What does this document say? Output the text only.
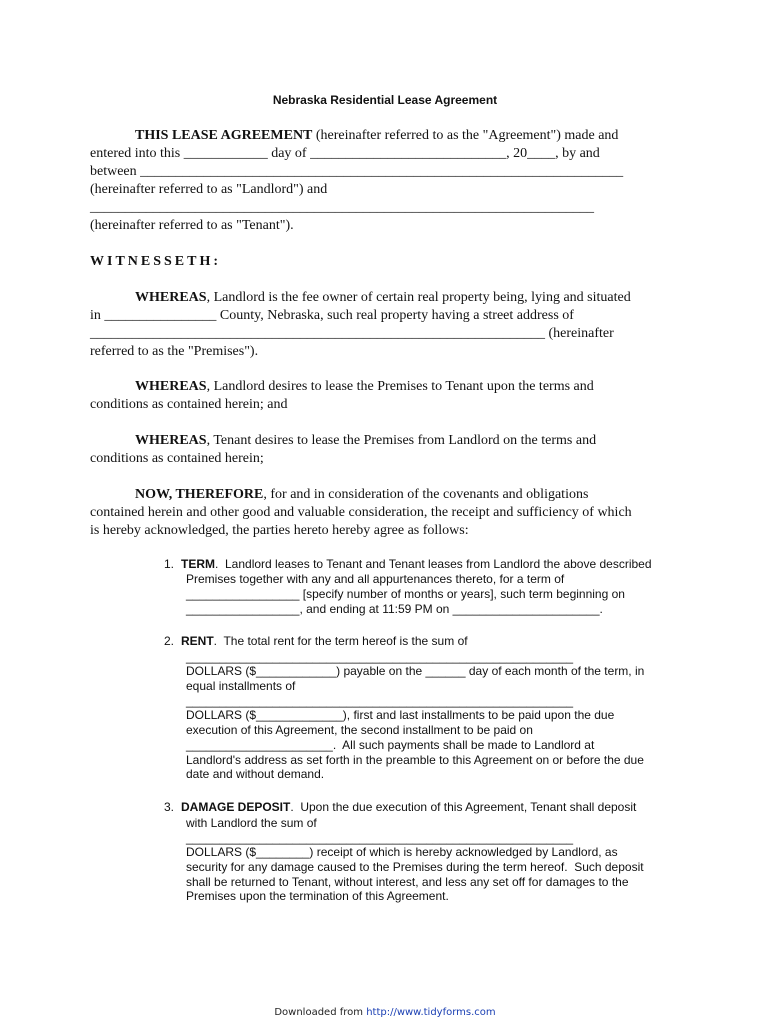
Nebraska Residential Lease Agreement
THIS LEASE AGREEMENT (hereinafter referred to as the "Agreement") made and
entered into this ____________ day of ____________________________, 20____, by and
between _____________________________________________________________________
(hereinafter referred to as "Landlord") and
________________________________________________________________________
(hereinafter referred to as "Tenant").
WITNESSETH:
WHEREAS, Landlord is the fee owner of certain real property being, lying and situated
in ________________ County, Nebraska, such real property having a street address of
_________________________________________________________________ (hereinafter
referred to as the "Premises").
WHEREAS, Landlord desires to lease the Premises to Tenant upon the terms and
conditions as contained herein; and
WHEREAS, Tenant desires to lease the Premises from Landlord on the terms and
conditions as contained herein;
NOW, THEREFORE, for and in consideration of the covenants and obligations
contained herein and other good and valuable consideration, the receipt and sufficiency of which
is hereby acknowledged, the parties hereto hereby agree as follows:
1. TERM.  Landlord leases to Tenant and Tenant leases from Landlord the above described
Premises together with any and all appurtenances thereto, for a term of
_________________ [specify number of months or years], such term beginning on
_________________, and ending at 11:59 PM on ______________________.
2. RENT.  The total rent for the term hereof is the sum of
__________________________________________________________
DOLLARS ($____________) payable on the ______ day of each month of the term, in
equal installments of
__________________________________________________________
DOLLARS ($_____________), first and last installments to be paid upon the due
execution of this Agreement, the second installment to be paid on
______________________.  All such payments shall be made to Landlord at
Landlord's address as set forth in the preamble to this Agreement on or before the due
date and without demand.
3. DAMAGE DEPOSIT.  Upon the due execution of this Agreement, Tenant shall deposit
with Landlord the sum of
__________________________________________________________
DOLLARS ($________) receipt of which is hereby acknowledged by Landlord, as
security for any damage caused to the Premises during the term hereof.  Such deposit
shall be returned to Tenant, without interest, and less any set off for damages to the
Premises upon the termination of this Agreement.
Downloaded from http://www.tidyforms.com
